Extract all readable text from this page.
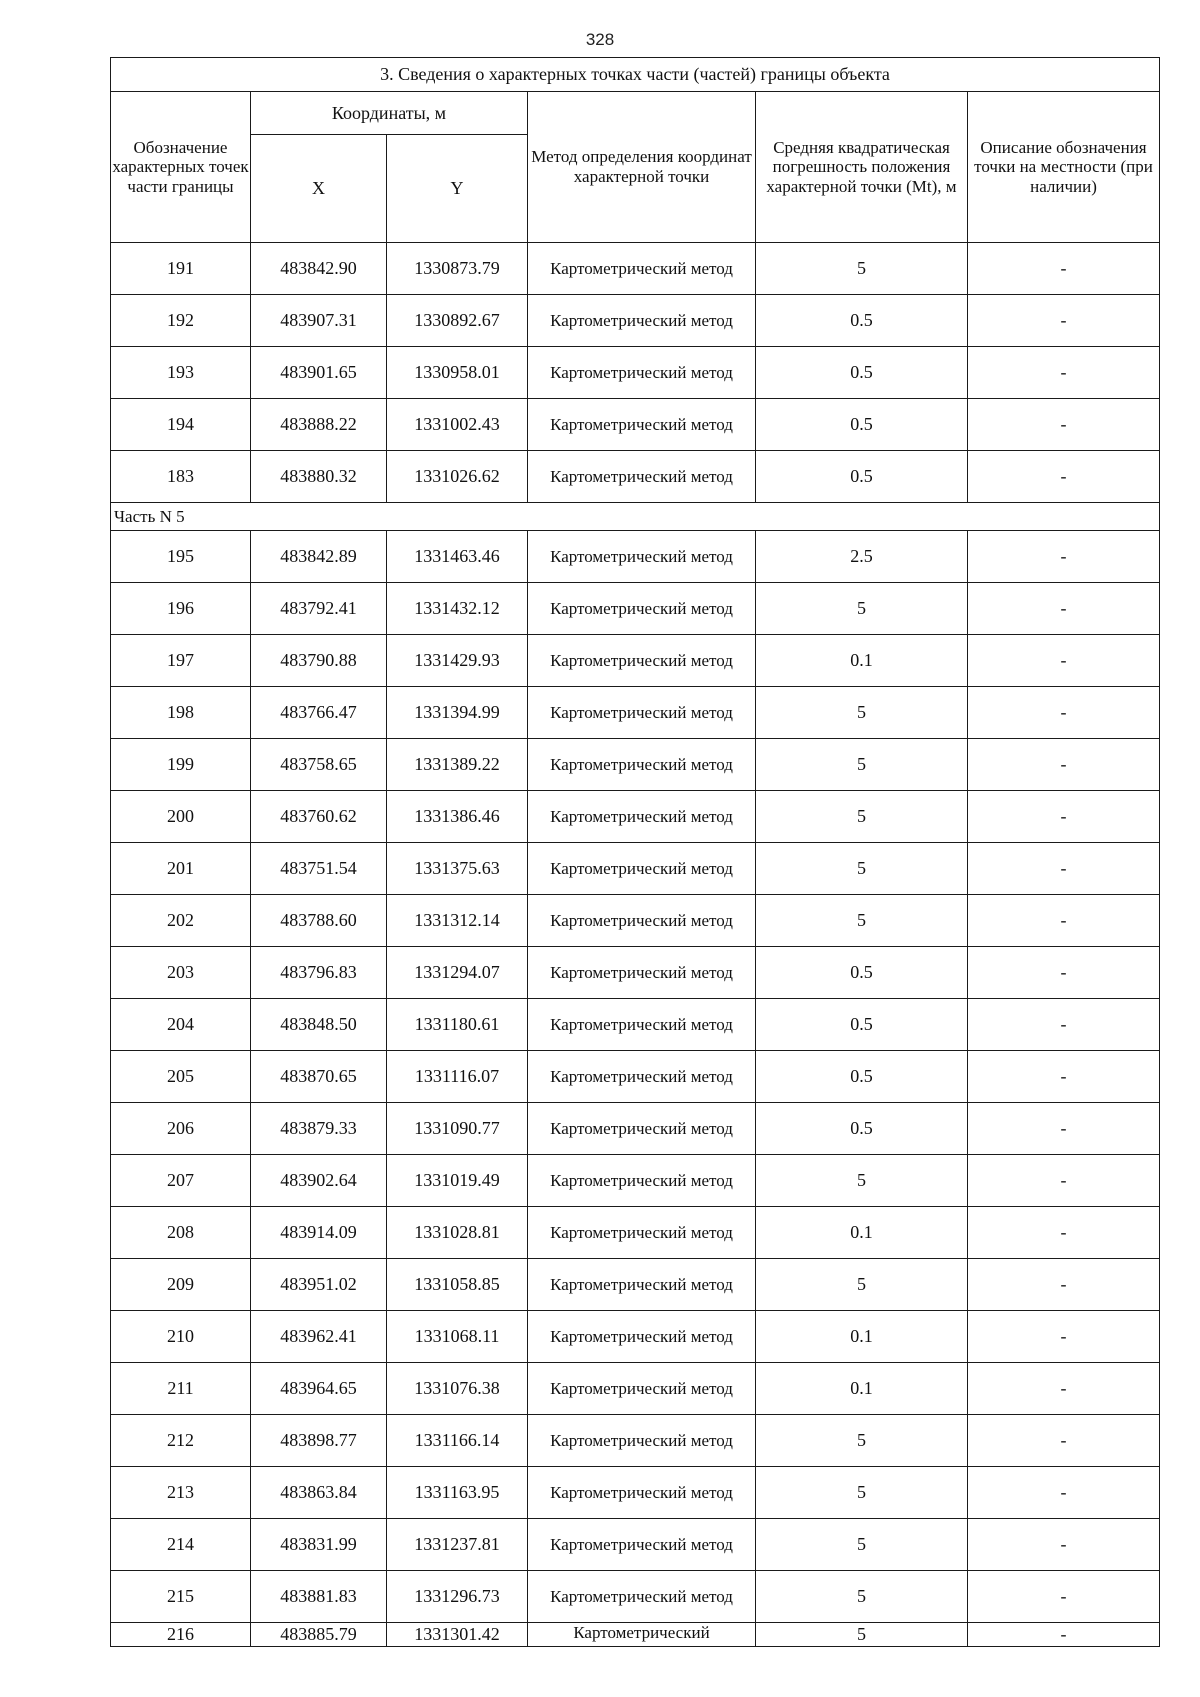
328
3. Сведения о характерных точках части (частей) границы объекта					
Обозначение характерных точек части границы	Координаты, м		Метод определения координат характерной точки	Средняя квадратическая погрешность положения характерной точки (Mt), м	Описание обозначения точки на местности (при наличии)
	X	Y			
191	483842.90	1330873.79	Картометрический метод	5	-
192	483907.31	1330892.67	Картометрический метод	0.5	-
193	483901.65	1330958.01	Картометрический метод	0.5	-
194	483888.22	1331002.43	Картометрический метод	0.5	-
183	483880.32	1331026.62	Картометрический метод	0.5	-
Часть N 5					
195	483842.89	1331463.46	Картометрический метод	2.5	-
196	483792.41	1331432.12	Картометрический метод	5	-
197	483790.88	1331429.93	Картометрический метод	0.1	-
198	483766.47	1331394.99	Картометрический метод	5	-
199	483758.65	1331389.22	Картометрический метод	5	-
200	483760.62	1331386.46	Картометрический метод	5	-
201	483751.54	1331375.63	Картометрический метод	5	-
202	483788.60	1331312.14	Картометрический метод	5	-
203	483796.83	1331294.07	Картометрический метод	0.5	-
204	483848.50	1331180.61	Картометрический метод	0.5	-
205	483870.65	1331116.07	Картометрический метод	0.5	-
206	483879.33	1331090.77	Картометрический метод	0.5	-
207	483902.64	1331019.49	Картометрический метод	5	-
208	483914.09	1331028.81	Картометрический метод	0.1	-
209	483951.02	1331058.85	Картометрический метод	5	-
210	483962.41	1331068.11	Картометрический метод	0.1	-
211	483964.65	1331076.38	Картометрический метод	0.1	-
212	483898.77	1331166.14	Картометрический метод	5	-
213	483863.84	1331163.95	Картометрический метод	5	-
214	483831.99	1331237.81	Картометрический метод	5	-
215	483881.83	1331296.73	Картометрический метод	5	-
216	483885.79	1331301.42	Картометрический	5	-
